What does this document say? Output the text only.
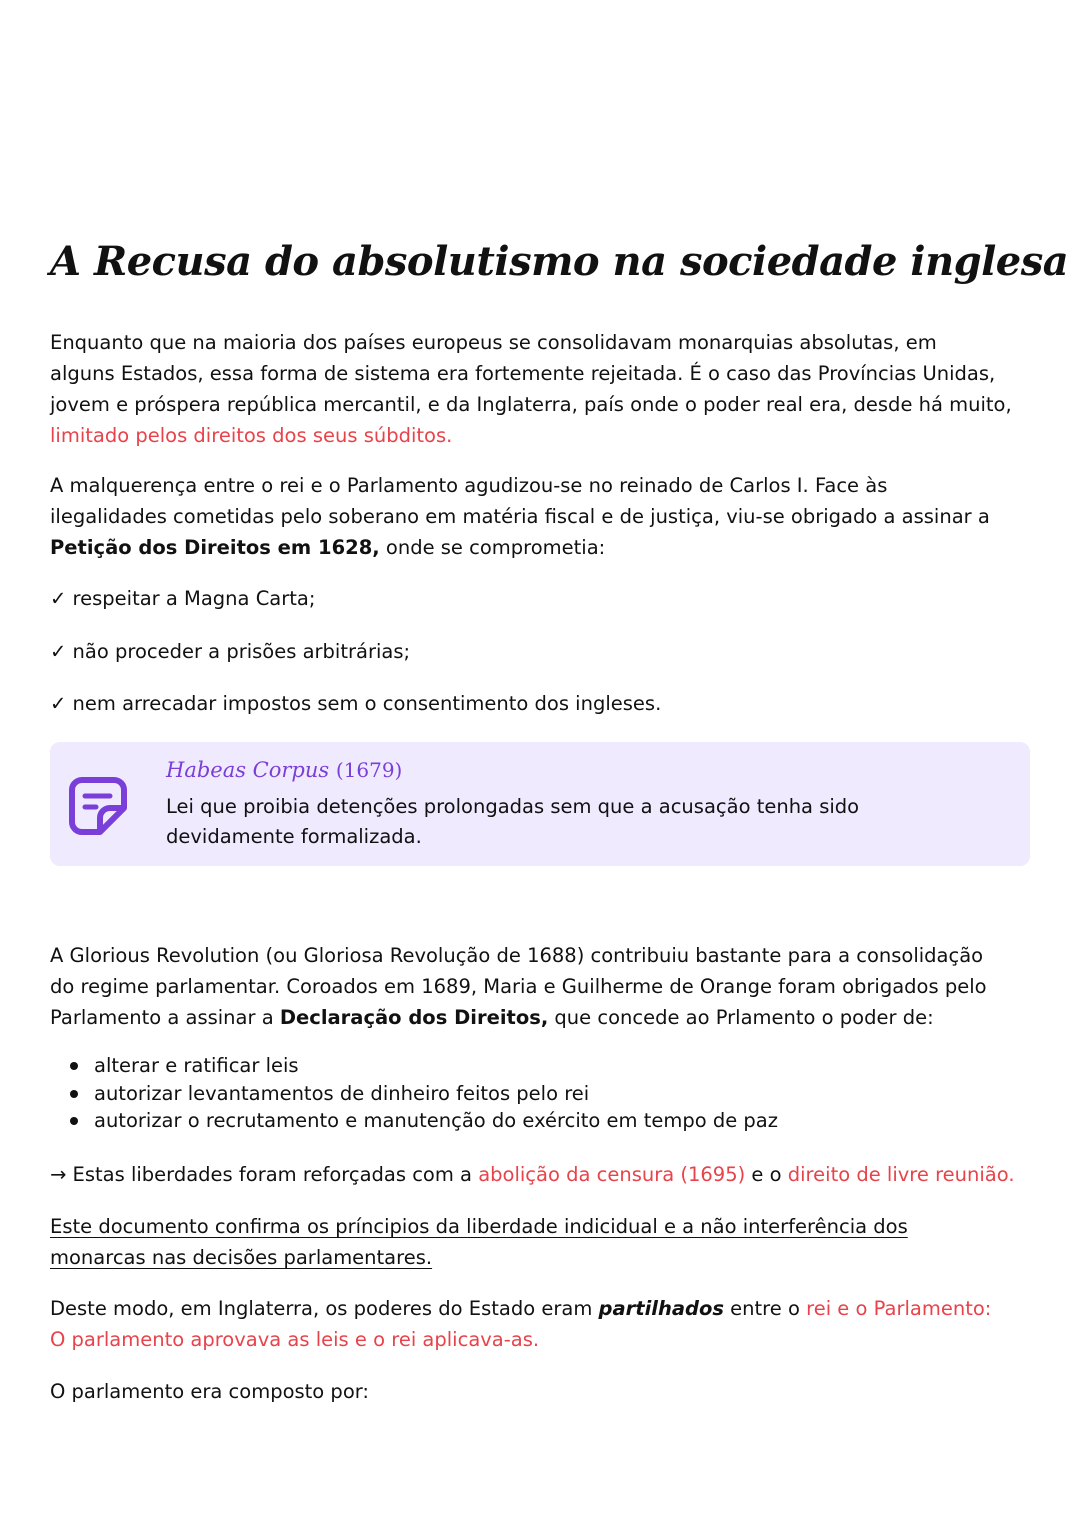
A Recusa do absolutismo na sociedade inglesa
Enquanto que na maioria dos países europeus se consolidavam monarquias absolutas, em
alguns Estados, essa forma de sistema era fortemente rejeitada. É o caso das Províncias Unidas,
jovem e próspera república mercantil, e da Inglaterra, país onde o poder real era, desde há muito,
limitado pelos direitos dos seus súbditos.
A malquerença entre o rei e o Parlamento agudizou-se no reinado de Carlos I. Face às
ilegalidades cometidas pelo soberano em matéria fiscal e de justiça, viu-se obrigado a assinar a
Petição dos Direitos em 1628, onde se comprometia:
✓ respeitar a Magna Carta;
✓ não proceder a prisões arbitrárias;
✓ nem arrecadar impostos sem o consentimento dos ingleses.
Habeas Corpus (1679)
Lei que proibia detenções prolongadas sem que a acusação tenha sido
devidamente formalizada.
A Glorious Revolution (ou Gloriosa Revolução de 1688) contribuiu bastante para a consolidação
do regime parlamentar. Coroados em 1689, Maria e Guilherme de Orange foram obrigados pelo
Parlamento a assinar a Declaração dos Direitos, que concede ao Prlamento o poder de:
alterar e ratificar leis
autorizar levantamentos de dinheiro feitos pelo rei
autorizar o recrutamento e manutenção do exército em tempo de paz
→ Estas liberdades foram reforçadas com a abolição da censura (1695) e o direito de livre reunião.
Este documento confirma os príncipios da liberdade indicidual e a não interferência dos
monarcas nas decisões parlamentares.
Deste modo, em Inglaterra, os poderes do Estado eram partilhados entre o rei e o Parlamento:
O parlamento aprovava as leis e o rei aplicava-as.
O parlamento era composto por:
